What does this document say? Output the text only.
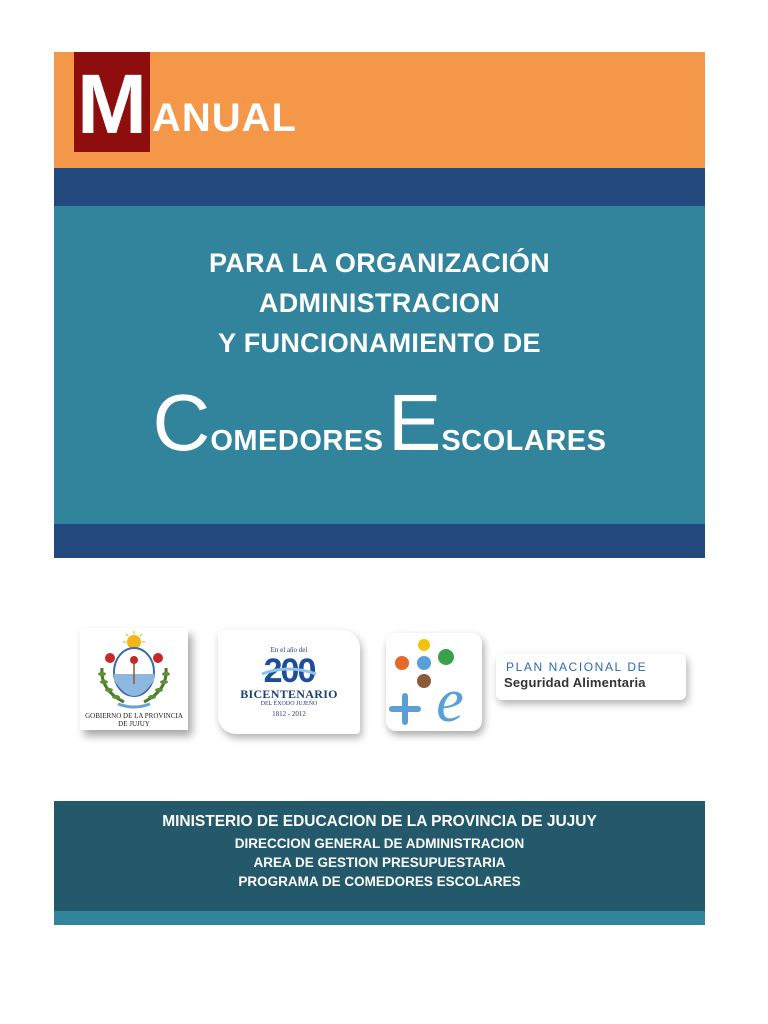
M ANUAL
PARA LA ORGANIZACIÓN
ADMINISTRACION
Y FUNCIONAMIENTO DE
COMEDORES ESCOLARES
GOBIERNO DE LA PROVINCIA
DE JUJUY
En el año del
200
BICENTENARIO
DEL ÉXODO JUJEÑO
1812 - 2012	e	PLAN NACIONAL DE
Seguridad Alimentaria
MINISTERIO DE EDUCACION DE LA PROVINCIA DE JUJUY
DIRECCION GENERAL DE ADMINISTRACION
AREA DE GESTION PRESUPUESTARIA
PROGRAMA DE COMEDORES ESCOLARES
